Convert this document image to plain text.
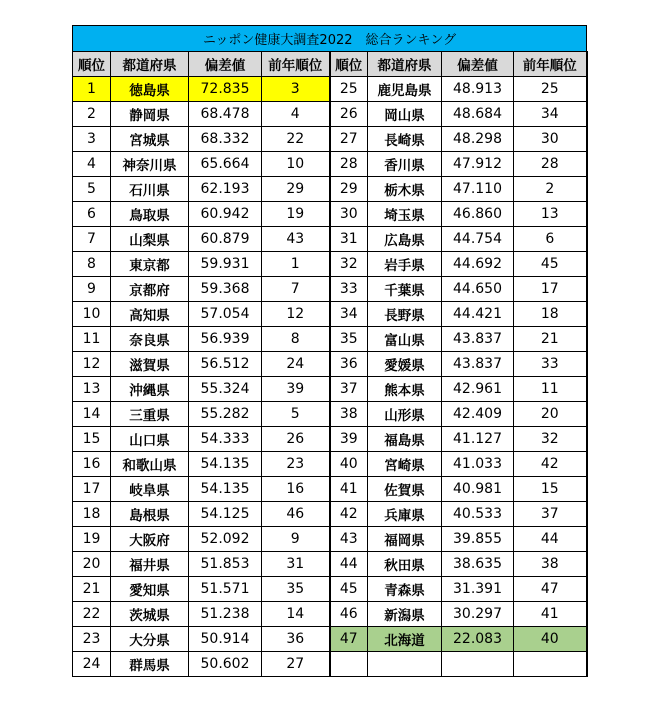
ニッポン健康大調査2022　総合ランキング							
順位	都道府県	偏差値	前年順位	順位	都道府県	偏差値	前年順位
1	徳島県	72.835	3	25	鹿児島県	48.913	25
2	静岡県	68.478	4	26	岡山県	48.684	34
3	宮城県	68.332	22	27	長崎県	48.298	30
4	神奈川県	65.664	10	28	香川県	47.912	28
5	石川県	62.193	29	29	栃木県	47.110	2
6	鳥取県	60.942	19	30	埼玉県	46.860	13
7	山梨県	60.879	43	31	広島県	44.754	6
8	東京都	59.931	1	32	岩手県	44.692	45
9	京都府	59.368	7	33	千葉県	44.650	17
10	高知県	57.054	12	34	長野県	44.421	18
11	奈良県	56.939	8	35	富山県	43.837	21
12	滋賀県	56.512	24	36	愛媛県	43.837	33
13	沖縄県	55.324	39	37	熊本県	42.961	11
14	三重県	55.282	5	38	山形県	42.409	20
15	山口県	54.333	26	39	福島県	41.127	32
16	和歌山県	54.135	23	40	宮崎県	41.033	42
17	岐阜県	54.135	16	41	佐賀県	40.981	15
18	島根県	54.125	46	42	兵庫県	40.533	37
19	大阪府	52.092	9	43	福岡県	39.855	44
20	福井県	51.853	31	44	秋田県	38.635	38
21	愛知県	51.571	35	45	青森県	31.391	47
22	茨城県	51.238	14	46	新潟県	30.297	41
23	大分県	50.914	36	47	北海道	22.083	40
24	群馬県	50.602	27				
